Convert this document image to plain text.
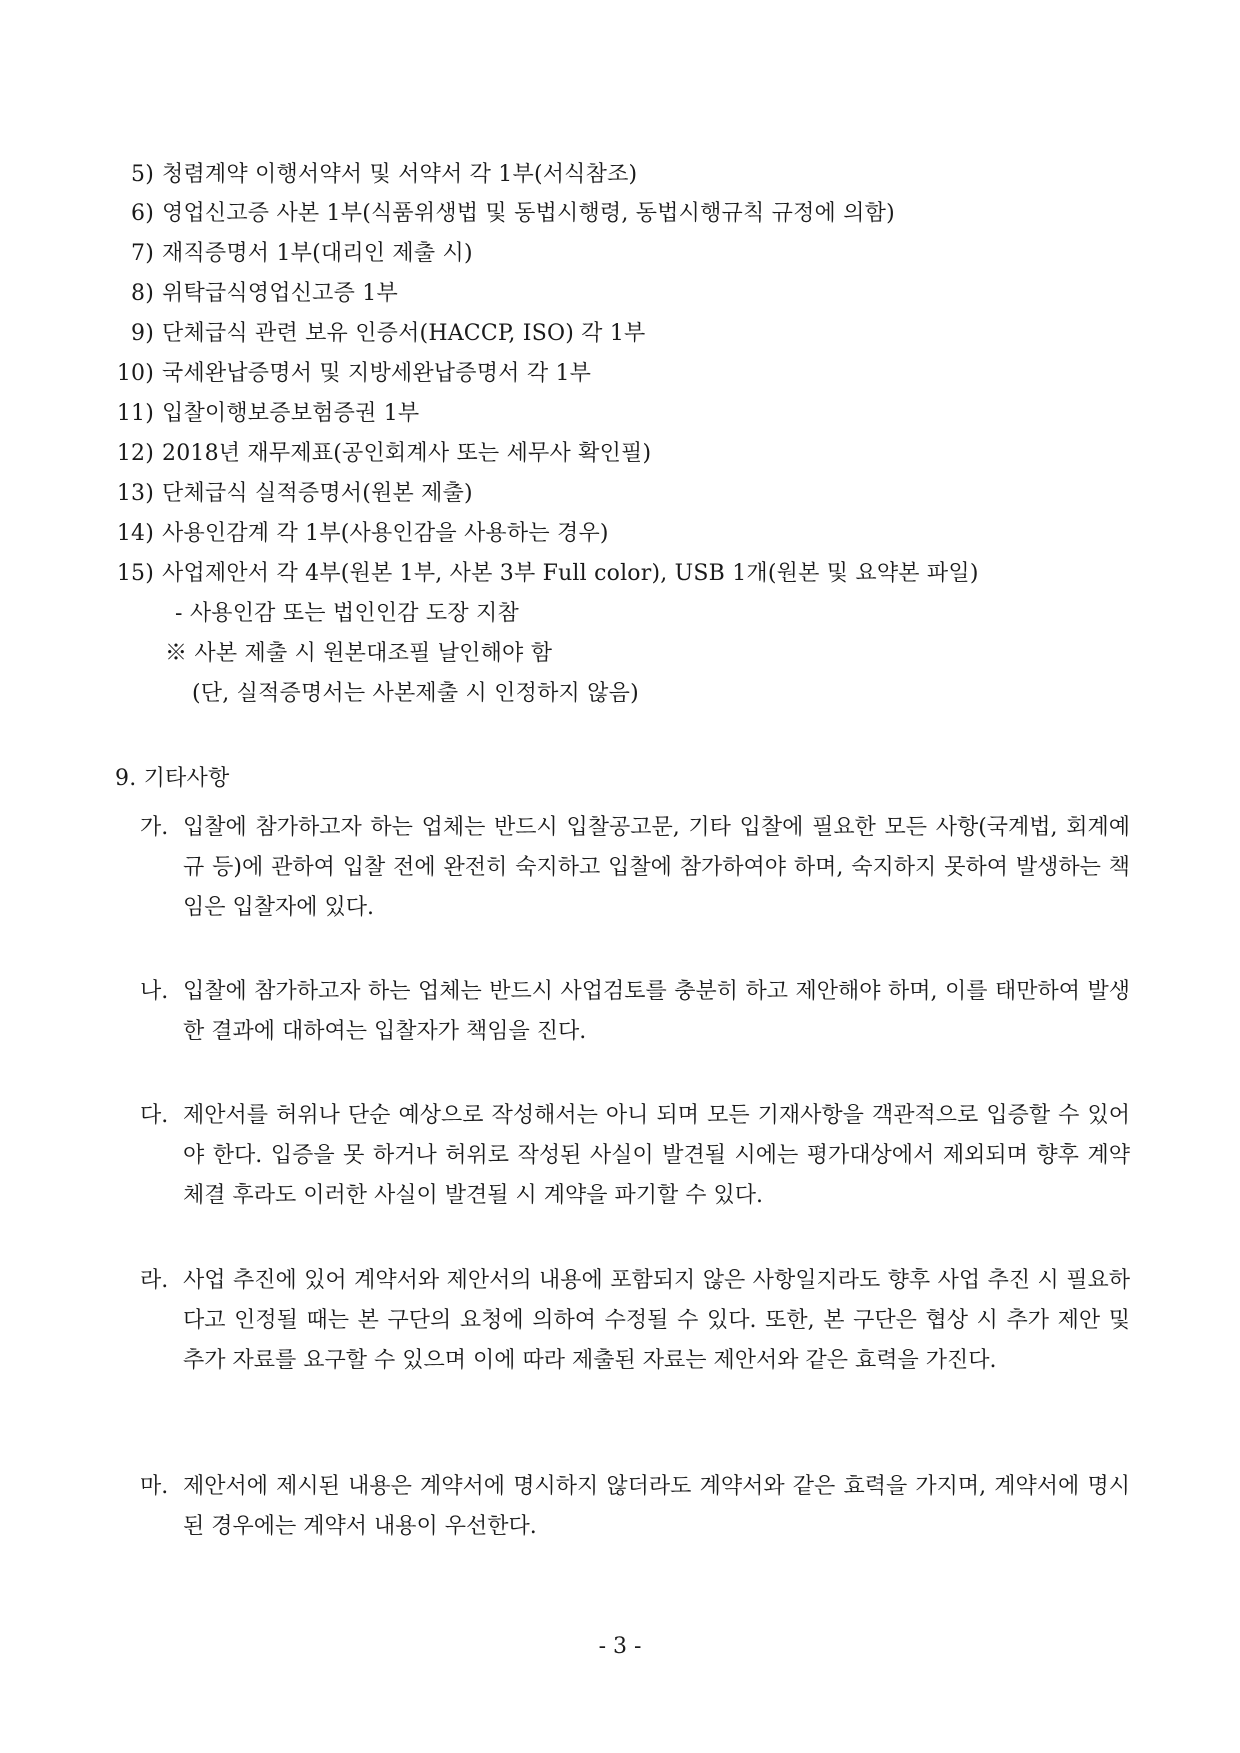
5) 청렴계약 이행서약서 및 서약서 각 1부(서식참조)
6) 영업신고증 사본 1부(식품위생법 및 동법시행령, 동법시행규칙 규정에 의함)
7) 재직증명서 1부(대리인 제출 시)
8) 위탁급식영업신고증 1부
9) 단체급식 관련 보유 인증서(HACCP, ISO) 각 1부
10) 국세완납증명서 및 지방세완납증명서 각 1부
11) 입찰이행보증보험증권 1부
12) 2018년 재무제표(공인회계사 또는 세무사 확인필)
13) 단체급식 실적증명서(원본 제출)
14) 사용인감계 각 1부(사용인감을 사용하는 경우)
15) 사업제안서 각 4부(원본 1부, 사본 3부 Full color), USB 1개(원본 및 요약본 파일)
- 사용인감 또는 법인인감 도장 지참
※ 사본 제출 시 원본대조필 날인해야 함
(단, 실적증명서는 사본제출 시 인정하지 않음)
9. 기타사항
가. 입찰에 참가하고자 하는 업체는 반드시 입찰공고문, 기타 입찰에 필요한 모든 사항(국계법, 회계예규 등)에 관하여 입찰 전에 완전히 숙지하고 입찰에 참가하여야 하며, 숙지하지 못하여 발생하는 책임은 입찰자에 있다.
나. 입찰에 참가하고자 하는 업체는 반드시 사업검토를 충분히 하고 제안해야 하며, 이를 태만하여 발생한 결과에 대하여는 입찰자가 책임을 진다.
다. 제안서를 허위나 단순 예상으로 작성해서는 아니 되며 모든 기재사항을 객관적으로 입증할 수 있어야 한다. 입증을 못 하거나 허위로 작성된 사실이 발견될 시에는 평가대상에서 제외되며 향후 계약체결 후라도 이러한 사실이 발견될 시 계약을 파기할 수 있다.
라. 사업 추진에 있어 계약서와 제안서의 내용에 포함되지 않은 사항일지라도 향후 사업 추진 시 필요하다고 인정될 때는 본 구단의 요청에 의하여 수정될 수 있다. 또한, 본 구단은 협상 시 추가 제안 및 추가 자료를 요구할 수 있으며 이에 따라 제출된 자료는 제안서와 같은 효력을 가진다.
마. 제안서에 제시된 내용은 계약서에 명시하지 않더라도 계약서와 같은 효력을 가지며, 계약서에 명시된 경우에는 계약서 내용이 우선한다.
- 3 -
